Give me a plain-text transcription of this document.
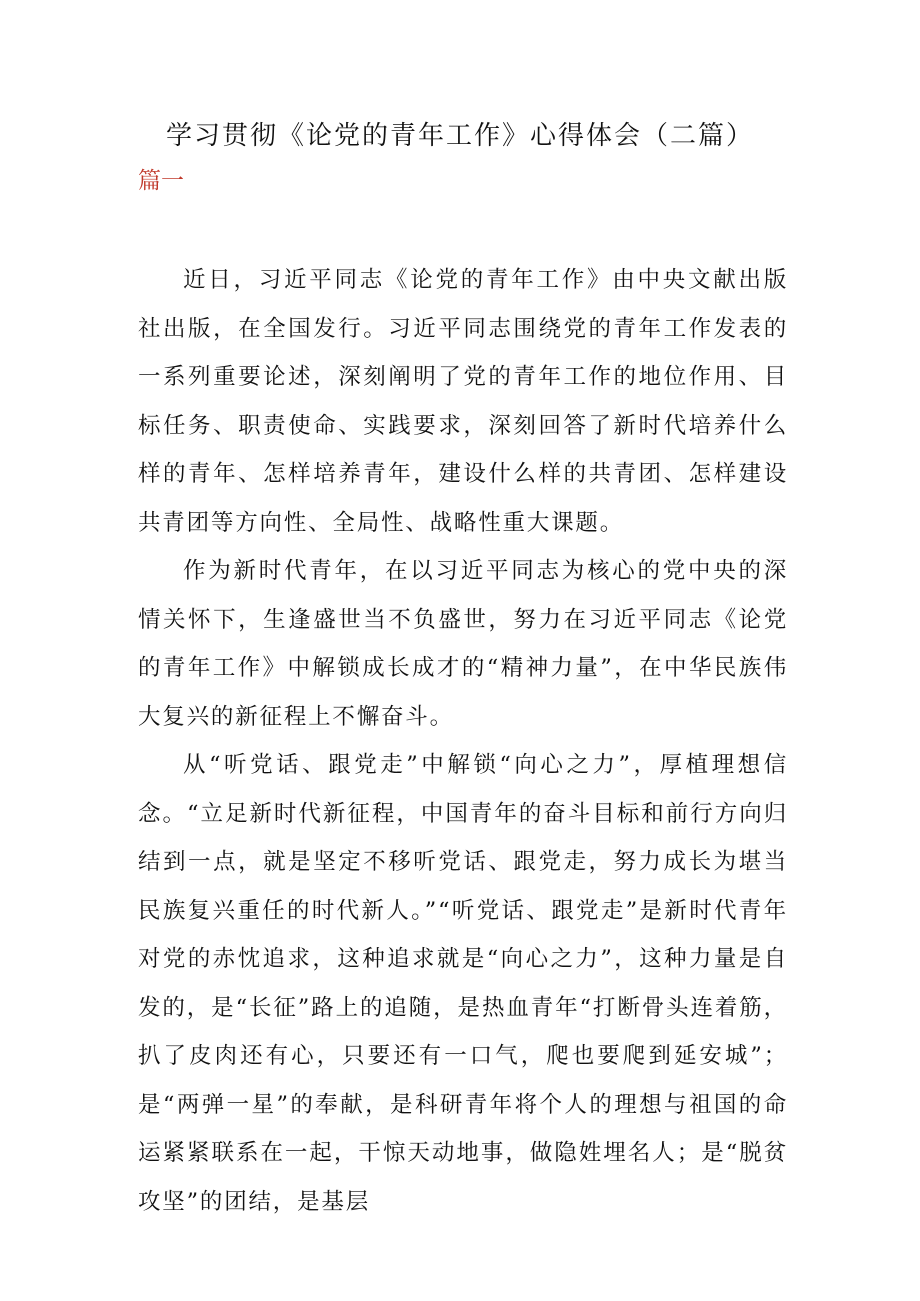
学习贯彻《论党的青年工作》心得体会（二篇）
篇一

近日，习近平同志《论党的青年工作》由中央文献出版社出版，在全国发行。习近平同志围绕党的青年工作发表的一系列重要论述，深刻阐明了党的青年工作的地位作用、目标任务、职责使命、实践要求，深刻回答了新时代培养什么样的青年、怎样培养青年，建设什么样的共青团、怎样建设共青团等方向性、全局性、战略性重大课题。

作为新时代青年，在以习近平同志为核心的党中央的深情关怀下，生逢盛世当不负盛世，努力在习近平同志《论党的青年工作》中解锁成长成才的“精神力量”，在中华民族伟大复兴的新征程上不懈奋斗。

从“听党话、跟党走”中解锁“向心之力”，厚植理想信念。“立足新时代新征程，中国青年的奋斗目标和前行方向归结到一点，就是坚定不移听党话、跟党走，努力成长为堪当民族复兴重任的时代新人。”“听党话、跟党走”是新时代青年对党的赤忱追求，这种追求就是“向心之力”，这种力量是自发的，是“长征”路上的追随，是热血青年“打断骨头连着筋，扒了皮肉还有心，只要还有一口气，爬也要爬到延安城”；是“两弹一星”的奉献，是科研青年将个人的理想与祖国的命运紧紧联系在一起，干惊天动地事，做隐姓埋名人；是“脱贫攻坚”的团结，是基层
